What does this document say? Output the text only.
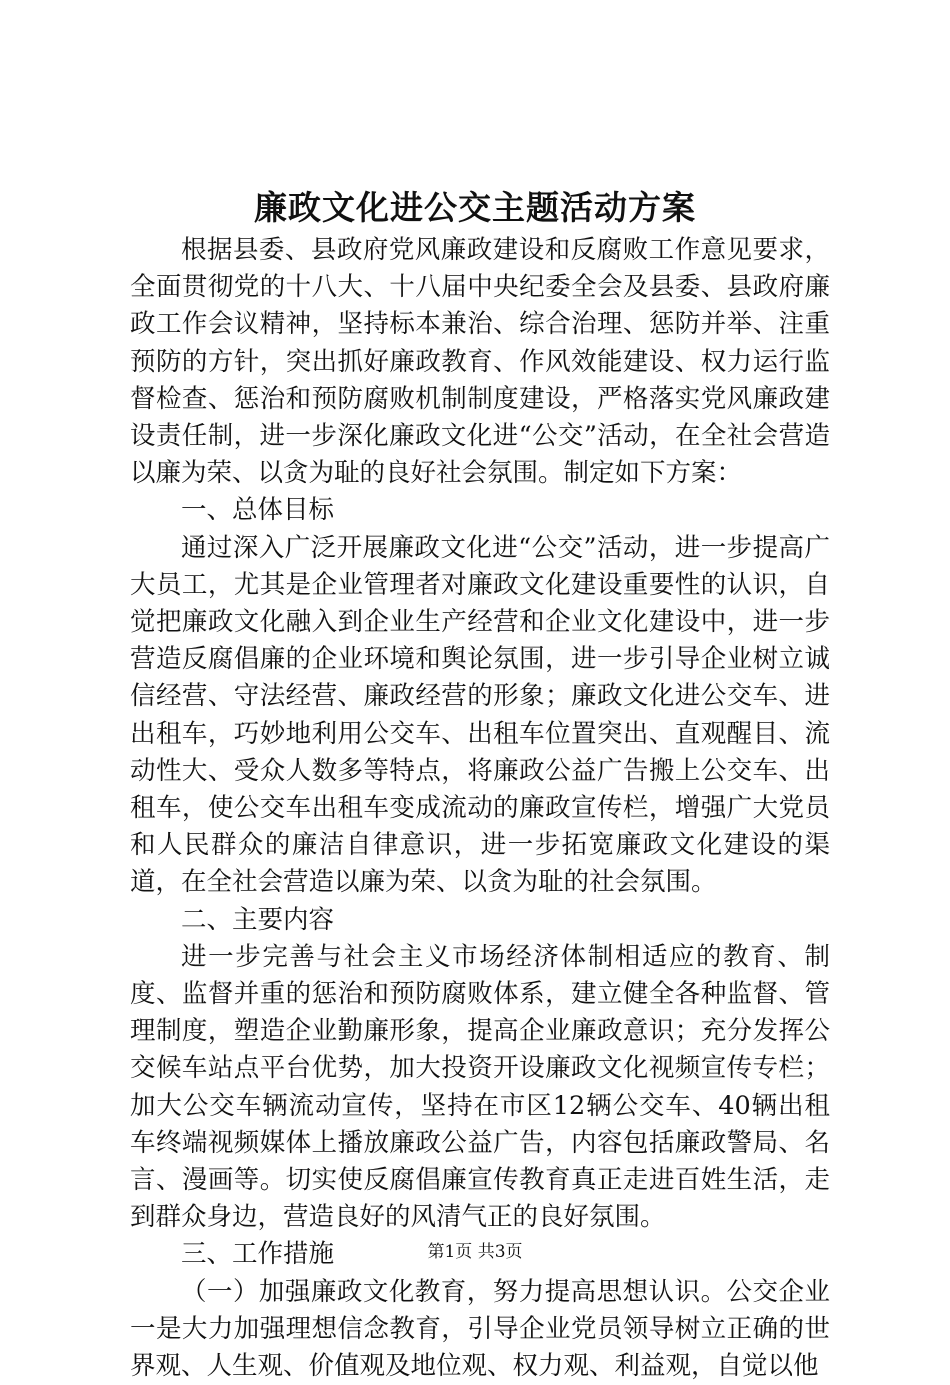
廉政文化进公交主题活动方案

根据县委、县政府党风廉政建设和反腐败工作意见要求，全面贯彻党的十八大、十八届中央纪委全会及县委、县政府廉政工作会议精神，坚持标本兼治、综合治理、惩防并举、注重预防的方针，突出抓好廉政教育、作风效能建设、权力运行监督检查、惩治和预防腐败机制制度建设，严格落实党风廉政建设责任制，进一步深化廉政文化进“公交”活动，在全社会营造以廉为荣、以贪为耻的良好社会氛围。制定如下方案：

一、总体目标

通过深入广泛开展廉政文化进“公交”活动，进一步提高广大员工，尤其是企业管理者对廉政文化建设重要性的认识，自觉把廉政文化融入到企业生产经营和企业文化建设中，进一步营造反腐倡廉的企业环境和舆论氛围，进一步引导企业树立诚信经营、守法经营、廉政经营的形象；廉政文化进公交车、进出租车，巧妙地利用公交车、出租车位置突出、直观醒目、流动性大、受众人数多等特点，将廉政公益广告搬上公交车、出租车，使公交车出租车变成流动的廉政宣传栏，增强广大党员和人民群众的廉洁自律意识，进一步拓宽廉政文化建设的渠道，在全社会营造以廉为荣、以贪为耻的社会氛围。

二、主要内容

进一步完善与社会主义市场经济体制相适应的教育、制度、监督并重的惩治和预防腐败体系，建立健全各种监督、管理制度，塑造企业勤廉形象，提高企业廉政意识；充分发挥公交候车站点平台优势，加大投资开设廉政文化视频宣传专栏；加大公交车辆流动宣传，坚持在市区12辆公交车、40辆出租车终端视频媒体上播放廉政公益广告，内容包括廉政警局、名言、漫画等。切实使反腐倡廉宣传教育真正走进百姓生活，走到群众身边，营造良好的风清气正的良好氛围。

三、工作措施

（一）加强廉政文化教育，努力提高思想认识。公交企业一是大力加强理想信念教育，引导企业党员领导树立正确的世界观、人生观、价值观及地位观、权力观、利益观，自觉以他

第1页 共3页
